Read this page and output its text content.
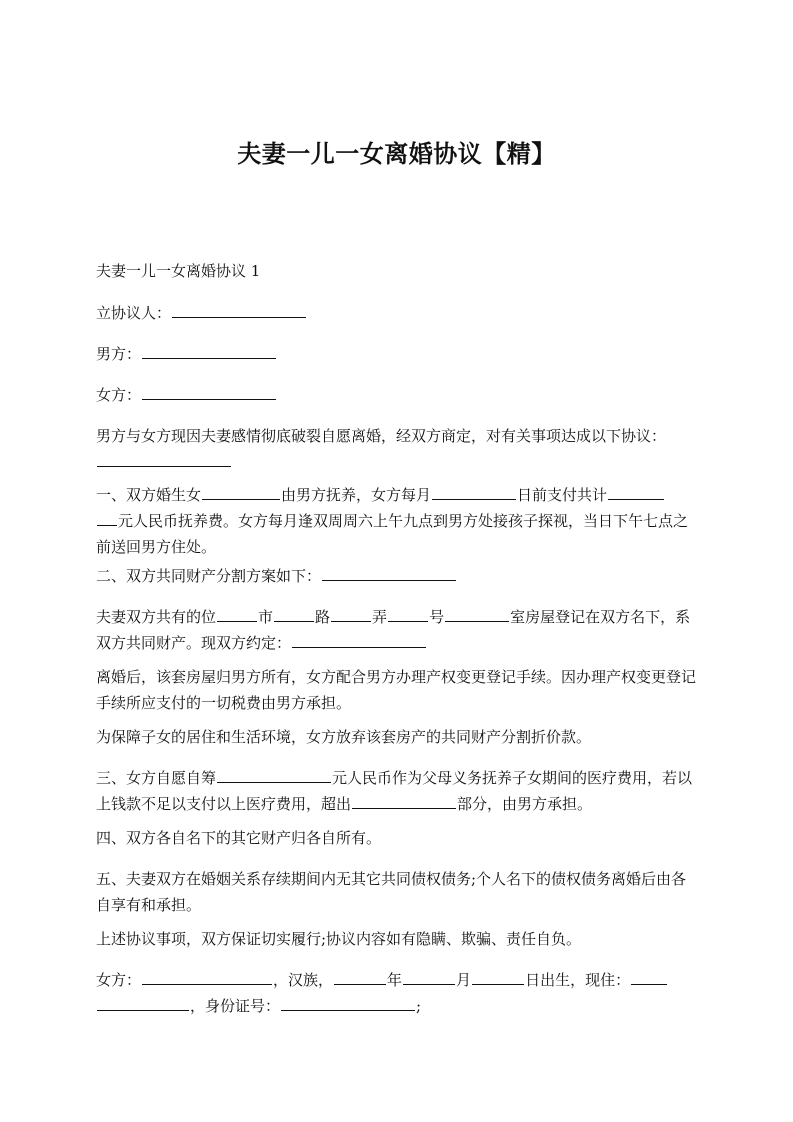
夫妻一儿一女离婚协议【精】
夫妻一儿一女离婚协议 1
立协议人：
男方：
女方：
男方与女方现因夫妻感情彻底破裂自愿离婚，经双方商定，对有关事项达成以下协议：

一、双方婚生女	由男方抚养，女方每月	日前支付共计
元人民币抚养费。女方每月逢双周周六上午九点到男方处接孩子探视，当日下午七点之前送回男方住处。
二、双方共同财产分割方案如下：
夫妻双方共有的位	市	路	弄	号	室房屋登记在双方名下，系双方共同财产。现双方约定：
离婚后，该套房屋归男方所有，女方配合男方办理产权变更登记手续。因办理产权变更登记手续所应支付的一切税费由男方承担。
为保障子女的居住和生活环境，女方放弃该套房产的共同财产分割折价款。
三、女方自愿自筹	元人民币作为父母义务抚养子女期间的医疗费用，若以上钱款不足以支付以上医疗费用，超出	部分，由男方承担。
四、双方各自名下的其它财产归各自所有。
五、夫妻双方在婚姻关系存续期间内无其它共同债权债务;个人名下的债权债务离婚后由各自享有和承担。
上述协议事项，双方保证切实履行;协议内容如有隐瞒、欺骗、责任自负。
女方：	，汉族，	年	月	日出生，现住：
，身份证号：	;
